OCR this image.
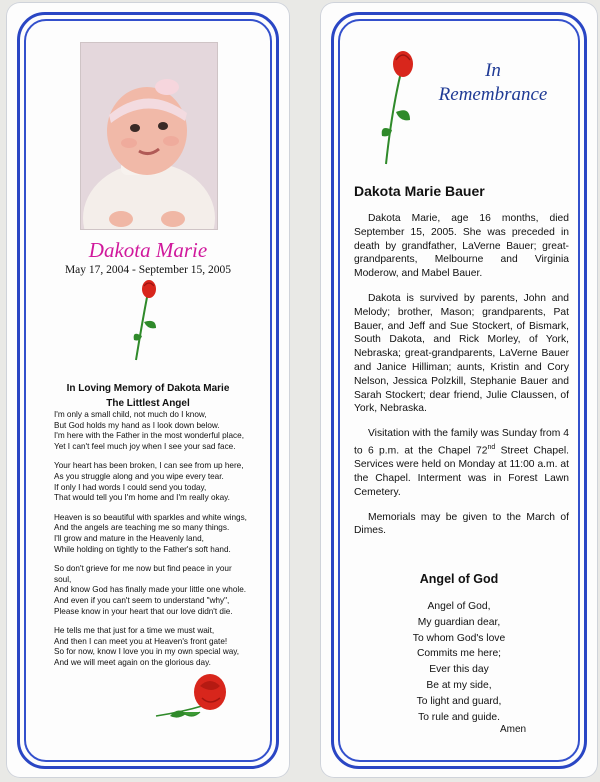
Dakota Marie
May 17, 2004 - September 15, 2005
In Loving Memory of Dakota Marie
The Littlest Angel

I'm only a small child, not much do I know,
But God holds my hand as I look down below.
I'm here with the Father in the most wonderful place,
Yet I can't feel much joy when I see your sad face.

Your heart has been broken, I can see from up here,
As you struggle along and you wipe every tear.
If only I had words I could send you today,
That would tell you I'm home and I'm really okay.

Heaven is so beautiful with sparkles and white wings,
And the angels are teaching me so many things.
I'll grow and mature in the Heavenly land,
While holding on tightly to the Father's soft hand.

So don't grieve for me now but find peace in your
soul,
And know God has finally made your little one whole.
And even if you can't seem to understand "why",
Please know in your heart that our love didn't die.

He tells me that just for a time we must wait,
And then I can meet you at Heaven's front gate!
So for now, know I love you in my own special way,
And we will meet again on the glorious day.

In
Remembrance
Dakota Marie Bauer

Dakota Marie, age 16 months, died September 15, 2005. She was preceded in death by grandfather, LaVerne Bauer; great-grandparents, Melbourne and Virginia Moderow, and Mabel Bauer.

Dakota is survived by parents, John and Melody; brother, Mason; grandparents, Pat Bauer, and Jeff and Sue Stockert, of Bismark, South Dakota, and Rick Morley, of York, Nebraska; great-grandparents, LaVerne Bauer and Janice Hilliman; aunts, Kristin and Cory Nelson, Jessica Polzkill, Stephanie Bauer and Sarah Stockert; dear friend, Julie Claussen, of York, Nebraska.

Visitation with the family was Sunday from 4 to 6 p.m. at the Chapel 72nd Street Chapel. Services were held on Monday at 11:00 a.m. at the Chapel. Interment was in Forest Lawn Cemetery.

Memorials may be given to the March of Dimes.

Angel of God
Angel of God,
My guardian dear,
To whom God's love
Commits me here;
Ever this day
Be at my side,
To light and guard,
To rule and guide.
Amen
